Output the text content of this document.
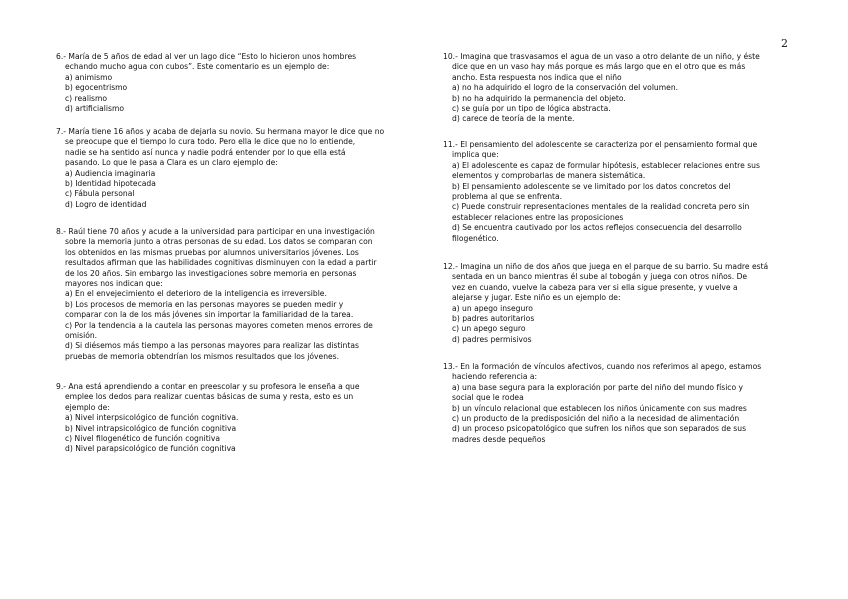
2
6.- María de 5 años de edad al ver un lago dice “Esto lo hicieron unos hombres
echando mucho agua con cubos”. Este comentario es un ejemplo de:
a) animismo
b) egocentrismo
c) realismo
d) artificialismo
7.- María tiene 16 años y acaba de dejarla su novio. Su hermana mayor le dice que no
se preocupe que el tiempo lo cura todo. Pero ella le dice que no lo entiende,
nadie se ha sentido así nunca y nadie podrá entender por lo que ella está
pasando. Lo que le pasa a Clara es un claro ejemplo de:
a) Audiencia imaginaria
b) Identidad hipotecada
c) Fábula personal
d) Logro de identidad
8.- Raúl tiene 70 años y acude a la universidad para participar en una investigación
sobre la memoria junto a otras personas de su edad. Los datos se comparan con
los obtenidos en las mismas pruebas por alumnos universitarios jóvenes. Los
resultados afirman que las habilidades cognitivas disminuyen con la edad a partir
de los 20 años. Sin embargo las investigaciones sobre memoria en personas
mayores nos indican que:
a) En el envejecimiento el deterioro de la inteligencia es irreversible.
b) Los procesos de memoria en las personas mayores se pueden medir y
comparar con la de los más jóvenes sin importar la familiaridad de la tarea.
c) Por la tendencia a la cautela las personas mayores cometen menos errores de
omisión.
d) Si diésemos más tiempo a las personas mayores para realizar las distintas
pruebas de memoria obtendrían los mismos resultados que los jóvenes.
9.- Ana está aprendiendo a contar en preescolar y su profesora le enseña a que
emplee los dedos para realizar cuentas básicas de suma y resta, esto es un
ejemplo de:
a) Nivel interpsicológico de función cognitiva.
b) Nivel intrapsicológico de función cognitiva
c) Nivel filogenético de función cognitiva
d) Nivel parapsicológico de función cognitiva
10.- Imagina que trasvasamos el agua de un vaso a otro delante de un niño, y éste
dice que en un vaso hay más porque es más largo que en el otro que es más
ancho. Esta respuesta nos indica que el niño
a) no ha adquirido el logro de la conservación del volumen.
b) no ha adquirido la permanencia del objeto.
c) se guía por un tipo de lógica abstracta.
d) carece de teoría de la mente.
11.- El pensamiento del adolescente se caracteriza por el pensamiento formal que
implica que:
a) El adolescente es capaz de formular hipótesis, establecer relaciones entre sus
elementos y comprobarlas de manera sistemática.
b) El pensamiento adolescente se ve limitado por los datos concretos del
problema al que se enfrenta.
c) Puede construir representaciones mentales de la realidad concreta pero sin
establecer relaciones entre las proposiciones
d) Se encuentra cautivado por los actos reflejos consecuencia del desarrollo
filogenético.
12.- Imagina un niño de dos años que juega en el parque de su barrio. Su madre está
sentada en un banco mientras él sube al tobogán y juega con otros niños. De
vez en cuando, vuelve la cabeza para ver si ella sigue presente, y vuelve a
alejarse y jugar. Este niño es un ejemplo de:
a) un apego inseguro
b) padres autoritarios
c) un apego seguro
d) padres permisivos
13.- En la formación de vínculos afectivos, cuando nos referimos al apego, estamos
haciendo referencia a:
a) una base segura para la exploración por parte del niño del mundo físico y
social que le rodea
b) un vínculo relacional que establecen los niños únicamente con sus madres
c) un producto de la predisposición del niño a la necesidad de alimentación
d) un proceso psicopatológico que sufren los niños que son separados de sus
madres desde pequeños
